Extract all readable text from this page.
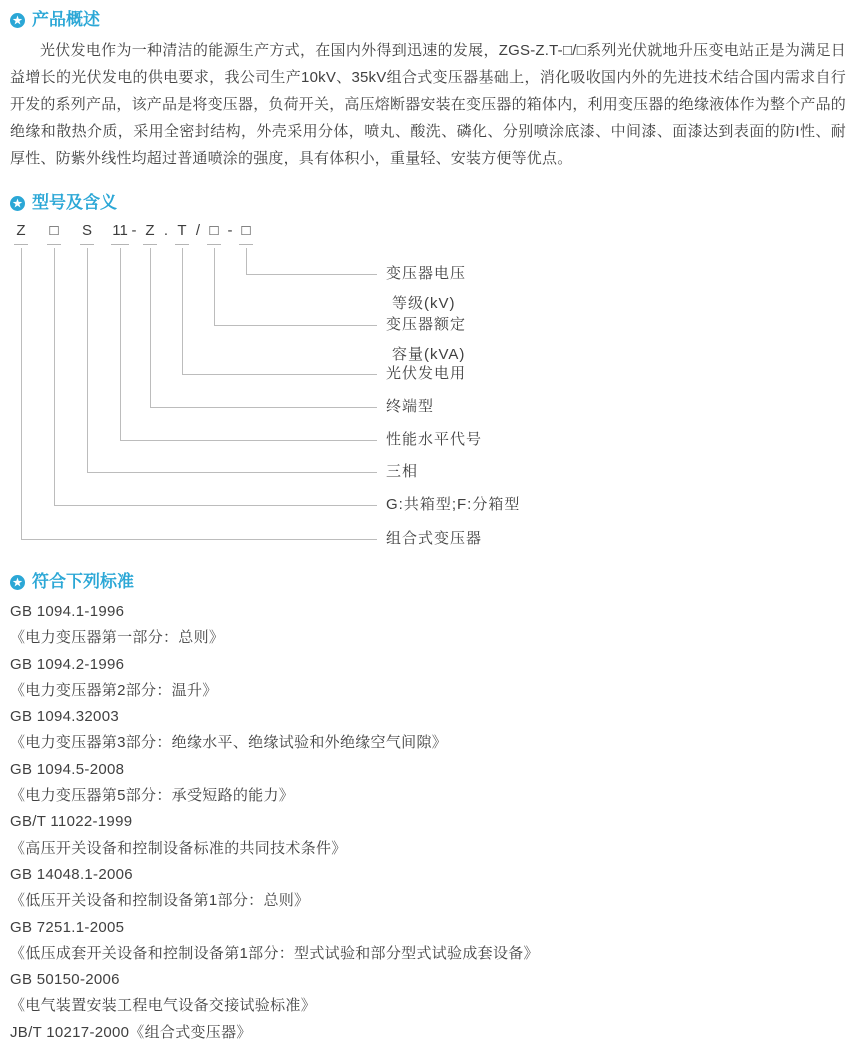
产品概述

光伏发电作为一种清洁的能源生产方式，在国内外得到迅速的发展，ZGS-Z.T-□/□系列光伏就地升压变电站正是为满足日益增长的光伏发电的供电要求，我公司生产10kV、35kV组合式变压器基础上，消化吸收国内外的先进技术结合国内需求自行开发的系列产品，该产品是将变压器，负荷开关，高压熔断器安装在变压器的箱体内，利用变压器的绝缘液体作为整个产品的绝缘和散热介质，采用全密封结构，外壳采用分体，喷丸、酸洗、磷化、分别喷涂底漆、中间漆、面漆达到表面的防I性、耐厚性、防紫外线性均超过普通喷涂的强度，具有体积小，重量轻、安装方便等优点。

型号及含义
Z □ S 11 - Z . T / □ - □
变压器电压
等级(kV)
变压器额定
容量(kVA)
光伏发电用
终端型
性能水平代号
三相
G:共箱型;F:分箱型
组合式变压器
符合下列标准
GB 1094.1-1996
《电力变压器第一部分：总则》
GB 1094.2-1996
《电力变压器第2部分：温升》
GB 1094.32003
《电力变压器第3部分：绝缘水平、绝缘试验和外绝缘空气间隙》
GB 1094.5-2008
《电力变压器第5部分：承受短路的能力》
GB/T 11022-1999
《高压开关设备和控制设备标准的共同技术条件》
GB 14048.1-2006
《低压开关设备和控制设备第1部分：总则》
GB 7251.1-2005
《低压成套开关设备和控制设备第1部分：型式试验和部分型式试验成套设备》
GB 50150-2006
《电气装置安装工程电气设备交接试验标准》
JB/T 10217-2000《组合式变压器》
